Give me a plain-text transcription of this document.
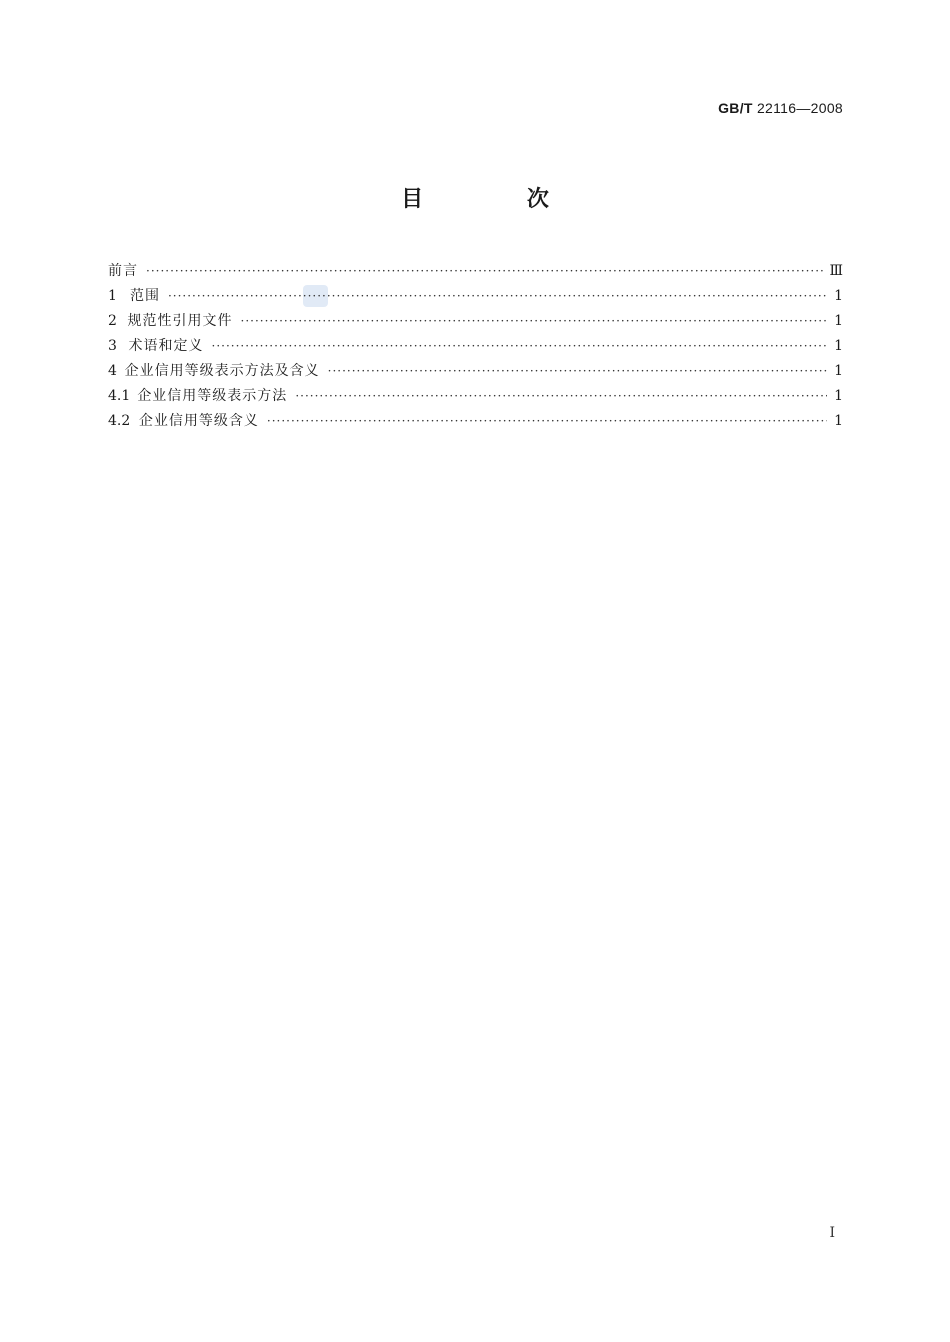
GB/T 22116—2008
目 次
前言 ·····	Ⅲ
1 范围 ·····	1
2 规范性引用文件 ·····	1
3 术语和定义 ·····	1
4 企业信用等级表示方法及含义 ·····	1
4.1 企业信用等级表示方法 ·····	1
4.2 企业信用等级含义 ·····	1
I
